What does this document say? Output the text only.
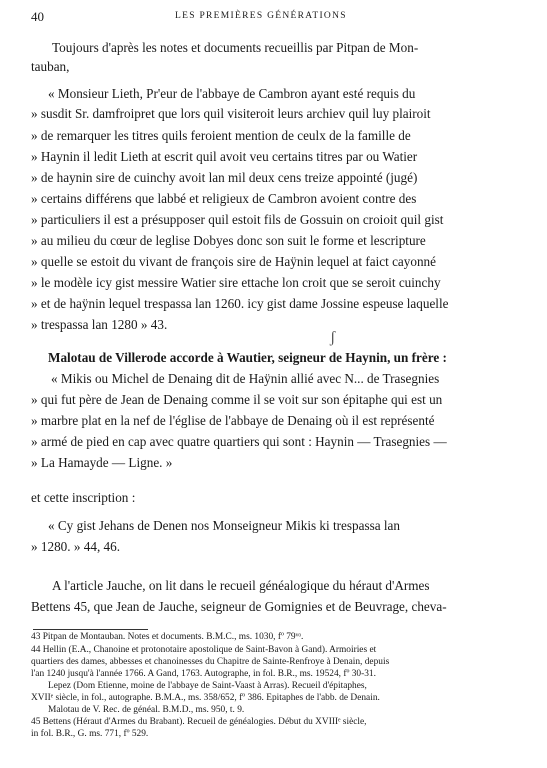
40	LES PREMIÈRES GÉNÉRATIONS
Toujours d'après les notes et documents recueillis par Pitpan de Mon-
tauban,
« Monsieur Lieth, Pr'eur de l'abbaye de Cambron ayant esté requis du
» susdit Sr. damfroipret que lors quil visiteroit leurs archiev quil luy plairoit
» de remarquer les titres quils feroient mention de ceulx de la famille de
» Haynin il ledit Lieth at escrit quil avoit veu certains titres par ou Watier
» de haynin sire de cuinchy avoit lan mil deux cens treize appointé (jugé)
» certains différens que labbé et religieux de Cambron avoient contre des
» particuliers il est a présupposer quil estoit fils de Gossuin on croioit quil gist
» au milieu du cœur de leglise Dobyes donc son suit le forme et lescripture
» quelle se estoit du vivant de françois sire de Haÿnin lequel at faict cayonné
» le modèle icy gist messire Watier sire ettache lon croit que se seroit cuinchy
» et de haÿnin lequel trespassa lan 1260. icy gist dame Jossine espeuse laquelle
» trespassa lan 1280 » 43.
ʃ
Malotau de Villerode accorde à Wautier, seigneur de Haynin, un frère :
« Mikis ou Michel de Denaing dit de Haÿnin allié avec N... de Trasegnies
» qui fut père de Jean de Denaing comme il se voit sur son épitaphe qui est un
» marbre plat en la nef de l'église de l'abbaye de Denaing où il est représenté
» armé de pied en cap avec quatre quartiers qui sont : Haynin — Trasegnies —
» La Hamayde — Ligne. »
et cette inscription :
« Cy gist Jehans de Denen nos Monseigneur Mikis ki trespassa lan
» 1280. » 44, 46.
A l'article Jauche, on lit dans le recueil généalogique du héraut d'Armes
Bettens 45, que Jean de Jauche, seigneur de Gomignies et de Beuvrage, cheva-
43 Pitpan de Montauban. Notes et documents. B.M.C., ms. 1030, fº 79ᵛᵒ.
44 Hellin (E.A., Chanoine et protonotaire apostolique de Saint-Bavon à Gand). Armoiries et
quartiers des dames, abbesses et chanoinesses du Chapitre de Sainte-Renfroye à Denain, depuis
l'an 1240 jusqu'à l'année 1766. A Gand, 1763. Autographe, in fol. B.R., ms. 19524, fº 30-31.
Lepez (Dom Etienne, moine de l'abbaye de Saint-Vaast à Arras). Recueil d'épitaphes,
XVIIᵉ siècle, in fol., autographe. B.M.A., ms. 358/652, fº 386. Epitaphes de l'abb. de Denain.
Malotau de V. Rec. de généal. B.M.D., ms. 950, t. 9.
45 Bettens (Héraut d'Armes du Brabant). Recueil de généalogies. Début du XVIIIᵉ siècle,
in fol. B.R., G. ms. 771, fº 529.
